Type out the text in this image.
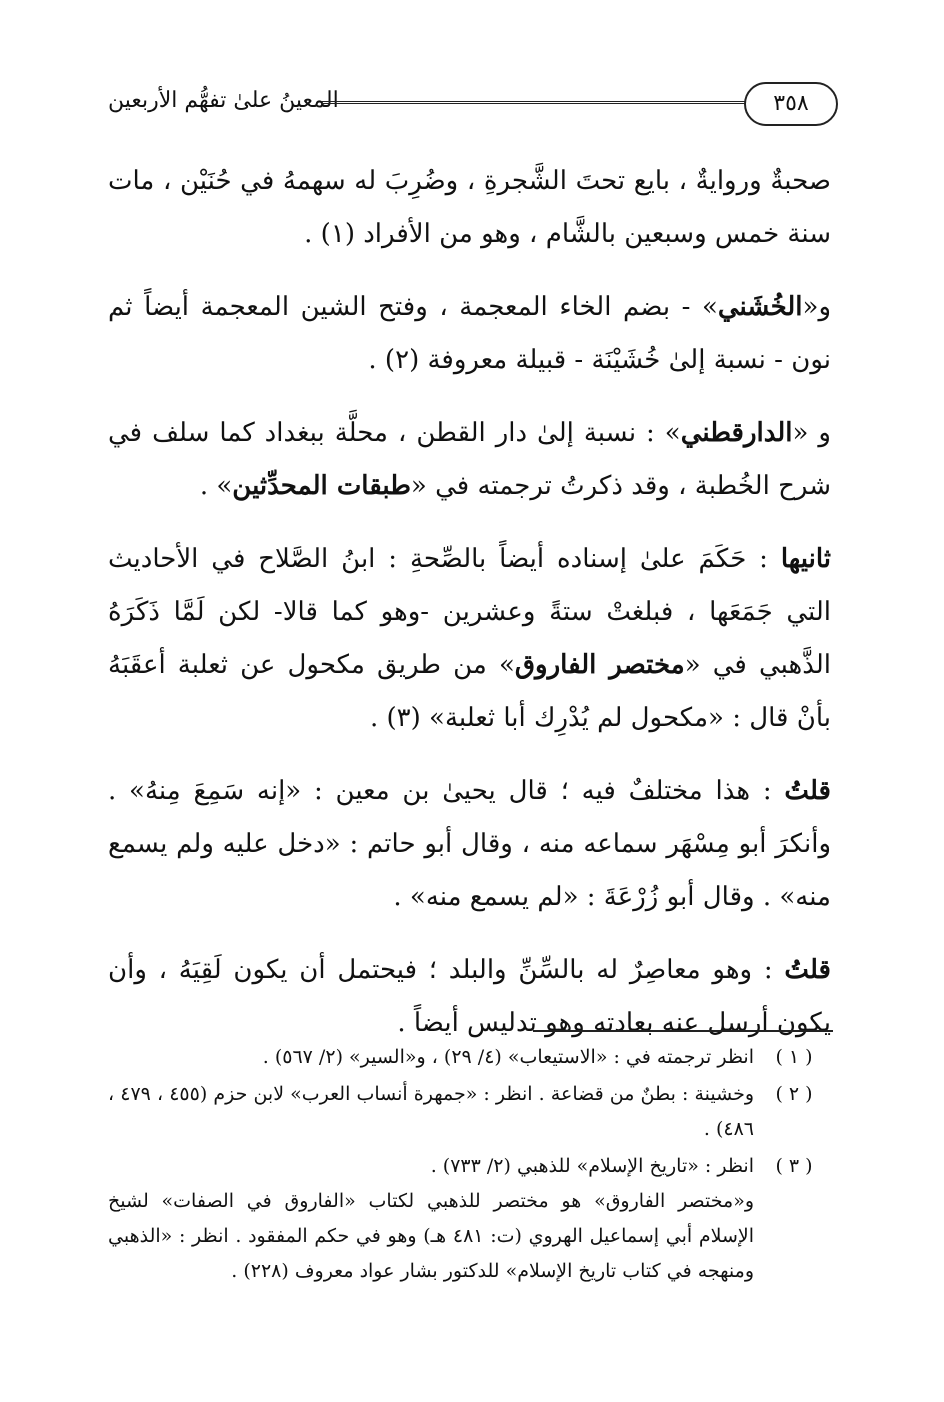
المعينُ علىٰ تفهُّم الأربعين	٣٥٨

صحبةٌ وروايةٌ ، بايع تحتَ الشَّجرةِ ، وضُرِبَ له سهمهُ في حُنَيْن ، مات سنة خمس وسبعين بالشَّام ، وهو من الأفراد (١) .

و«الخُشَني» - بضم الخاء المعجمة ، وفتح الشين المعجمة أيضاً ثم نون - نسبة إلىٰ خُشَيْنَة - قبيلة معروفة (٢) .

و «الدارقطني» : نسبة إلىٰ دار القطن ، محلَّة ببغداد كما سلف في شرح الخُطبة ، وقد ذكرتُ ترجمته في «طبقات المحدِّثين» .

ثانيها : حَكَمَ علىٰ إسناده أيضاً بالصِّحةِ : ابنُ الصَّلاح في الأحاديث التي جَمَعَها ، فبلغتْ ستةً وعشرين -وهو كما قالا- لكن لَمَّا ذَكَرَهُ الذَّهبي في «مختصر الفاروق» من طريق مكحول عن ثعلبة أعقَبَهُ بأنْ قال : «مكحول لم يُدْرِك أبا ثعلبة» (٣) .

قلتُ : هذا مختلفٌ فيه ؛ قال يحيىٰ بن معين : «إنه سَمِعَ مِنهُ» . وأنكرَ أبو مِسْهَر سماعه منه ، وقال أبو حاتم : «دخل عليه ولم يسمع منه» . وقال أبو زُرْعَةَ : «لم يسمع منه» .

قلتُ : وهو معاصِرٌ له بالسِّنِّ والبلد ؛ فيحتمل أن يكون لَقِيَهُ ، وأن يكون أرسل عنه بعادته وهو تدليس أيضاً .

( ١ )
انظر ترجمته في : «الاستيعاب» (٤/ ٢٩) ، و«السير» (٢/ ٥٦٧) .
( ٢ )
وخشينة : بطنٌ من قضاعة . انظر : «جمهرة أنساب العرب» لابن حزم (٤٥٥ ، ٤٧٩ ، ٤٨٦) .
( ٣ )
انظر : «تاريخ الإسلام» للذهبي (٢/ ٧٣٣) .
و«مختصر الفاروق» هو مختصر للذهبي لكتاب «الفاروق في الصفات» لشيخ الإسلام أبي إسماعيل الهروي (ت: ٤٨١ هـ) وهو في حكم المفقود . انظر : «الذهبي ومنهجه في كتاب تاريخ الإسلام» للدكتور بشار عواد معروف (٢٢٨) .
